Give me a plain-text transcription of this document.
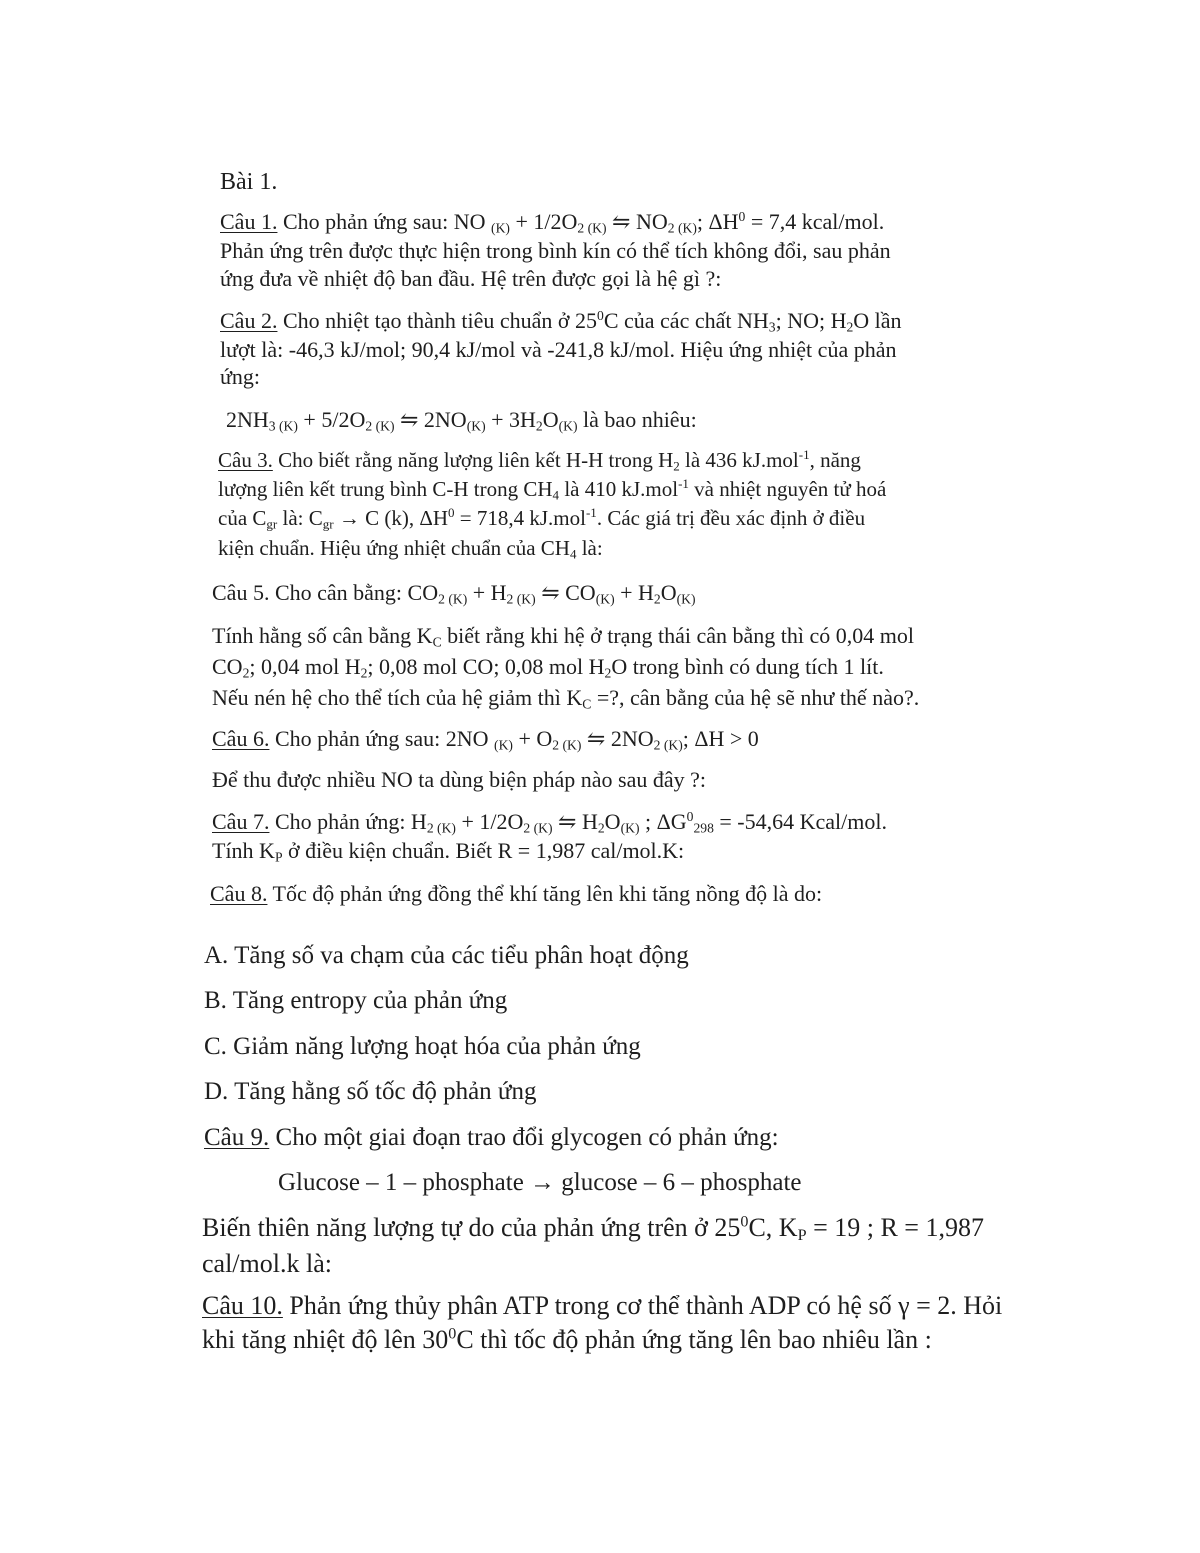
Bài 1.
Câu 1. Cho phản ứng sau: NO $_{(K)} + 1/2O_{2 (K)}$ ⇋ $NO_{2 (K)}$; $\Delta H^0 = 7,4$ kcal/mol.
Phản ứng trên được thực hiện trong bình kín có thể tích không đổi, sau phản
ứng đưa về nhiệt độ ban đầu. Hệ trên được gọi là hệ gì ?:
Câu 2. Cho nhiệt tạo thành tiêu chuẩn ở $25^0C$ của các chất $NH_3$; NO; $H_2O$ lần
lượt là: -46,3 kJ/mol; 90,4 kJ/mol và -241,8 kJ/mol. Hiệu ứng nhiệt của phản
ứng:
$2NH_{3 (K)} + 5/2O_{2 (K)}$ ⇋ $2NO_{(K)} + 3H_2O_{(K)}$ là bao nhiêu:
Câu 3. Cho biết rằng năng lượng liên kết H-H trong $H_2$ là 436 kJ.mol$^{-1}$, năng
lượng liên kết trung bình C-H trong $CH_4$ là 410 kJ.mol$^{-1}$ và nhiệt nguyên tử hoá
của $C_{gr}$ là: $C_{gr} \to C$ (k), $\Delta H^0 = 718,4$ kJ.mol$^{-1}$. Các giá trị đều xác định ở điều
kiện chuẩn. Hiệu ứng nhiệt chuẩn của $CH_4$ là:
Câu 5. Cho cân bằng: $CO_{2 (K)} + H_{2 (K)}$ ⇋ $CO_{(K)} + H_2O_{(K)}$
Tính hằng số cân bằng $K_C$ biết rằng khi hệ ở trạng thái cân bằng thì có 0,04 mol
$CO_2$; 0,04 mol $H_2$; 0,08 mol CO; 0,08 mol $H_2O$ trong bình có dung tích 1 lít.
Nếu nén hệ cho thể tích của hệ giảm thì $K_C$ =?, cân bằng của hệ sẽ như thế nào?.
Câu 6. Cho phản ứng sau: 2NO $_{(K)} + O_{2 (K)}$ ⇋ $2NO_{2 (K)}$; ΔH > 0
Để thu được nhiều NO ta dùng biện pháp nào sau đây ?:
Câu 7. Cho phản ứng: $H_{2 (K)} + 1/2O_{2 (K)}$ ⇋ $H_2O_{(K)}$ ; $\Delta G^0_{298} = -54,64$ Kcal/mol.
Tính $K_P$ ở điều kiện chuẩn. Biết R = 1,987 cal/mol.K:
Câu 8. Tốc độ phản ứng đồng thể khí tăng lên khi tăng nồng độ là do:
A. Tăng số va chạm của các tiểu phân hoạt động
B. Tăng entropy của phản ứng
C. Giảm năng lượng hoạt hóa của phản ứng
D. Tăng hằng số tốc độ phản ứng
Câu 9. Cho một giai đoạn trao đổi glycogen có phản ứng:
Glucose – 1 – phosphate → glucose – 6 – phosphate
Biến thiên năng lượng tự do của phản ứng trên ở $25^0C$, $K_P = 19$ ; R = 1,987
cal/mol.k là:
Câu 10. Phản ứng thủy phân ATP trong cơ thể thành ADP có hệ số γ = 2. Hỏi
khi tăng nhiệt độ lên $30^0C$ thì tốc độ phản ứng tăng lên bao nhiêu lần :
